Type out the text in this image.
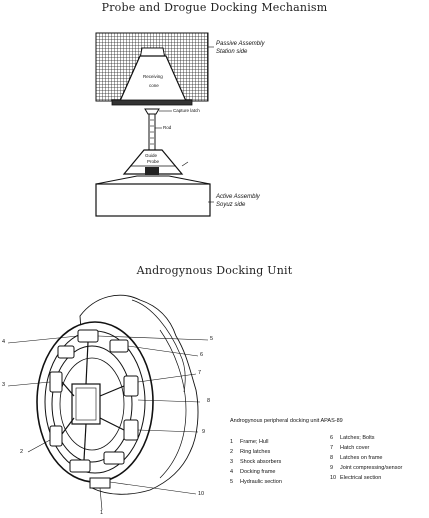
Probe and Drogue Docking Mechanism
Androgynous Docking Unit
Passive Assembly
Station side
Receiving
cone
Capture latch
Rod
Guide
Probe
Active Assembly
Soyuz side
4	5
6
7
8
9
3
2
10
1
Androgynous peripheral docking unit APAS-89
1 Frame; Hull
2 Ring latches
3 Shock absorbers
4 Docking frame
5 Hydraulic section
6 Latches; Bolts
7 Hatch cover
8 Latches on frame
9 Joint compressing/sensor
10 Electrical section
